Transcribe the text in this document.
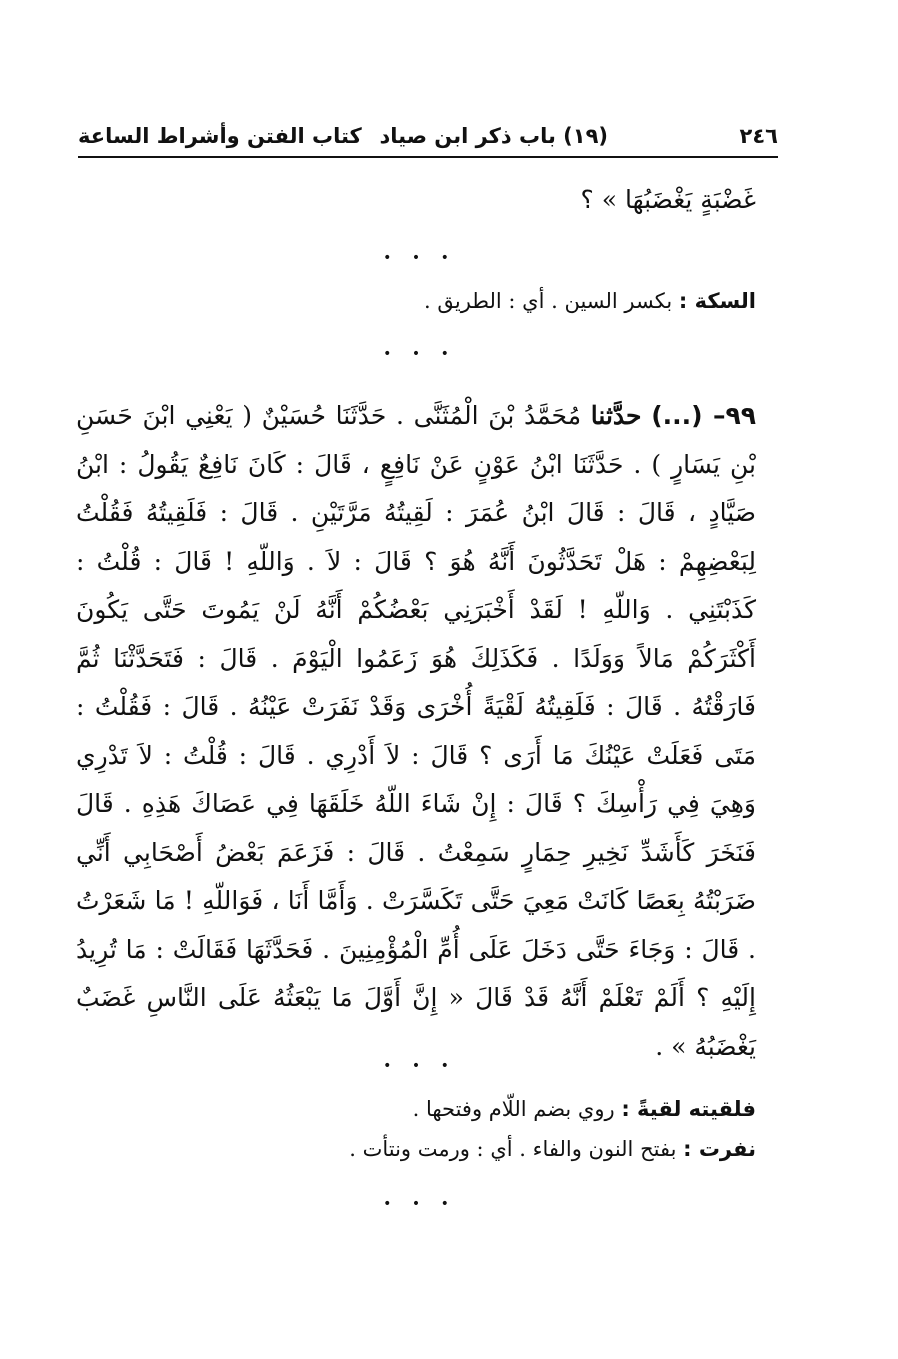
٢٤٦
(١٩) باب ذكر ابن صياد
كتاب الفتن وأشراط الساعة
غَضْبَةٍ يَغْضَبُهَا » ؟
• • •
السكة : بكسر السين . أي : الطريق .
• • •
٩٩– (...) حدَّثنا مُحَمَّدُ بْنَ الْمُثَنَّى . حَدَّثَنَا حُسَيْنٌ ( يَعْنِي ابْنَ حَسَنِ بْنِ يَسَارٍ ) . حَدَّثَنَا ابْنُ عَوْنٍ عَنْ نَافِعٍ ، قَالَ : كَانَ نَافِعٌ يَقُولُ : ابْنُ صَيَّادٍ ، قَالَ : قَالَ ابْنُ عُمَرَ : لَقِيتُهُ مَرَّتَيْنِ . قَالَ : فَلَقِيتُهُ فَقُلْتُ لِبَعْضِهِمْ : هَلْ تَحَدَّثُونَ أَنَّهُ هُوَ ؟ قَالَ : لاَ . وَاللّهِ ! قَالَ : قُلْتُ : كَذَبْتَنِي . وَاللّهِ ! لَقَدْ أَخْبَرَنِي بَعْضُكُمْ أَنَّهُ لَنْ يَمُوتَ حَتَّى يَكُونَ أَكْثَرَكُمْ مَالاً وَوَلَدًا . فَكَذَلِكَ هُوَ زَعَمُوا الْيَوْمَ . قَالَ : فَتَحَدَّثْنَا ثُمَّ فَارَقْتُهُ . قَالَ : فَلَقِيتُهُ لَقْيَةً أُخْرَى وَقَدْ نَفَرَتْ عَيْنُهُ . قَالَ : فَقُلْتُ : مَتَى فَعَلَتْ عَيْنُكَ مَا أَرَى ؟ قَالَ : لاَ أَدْرِي . قَالَ : قُلْتُ : لاَ تَدْرِي وَهِيَ فِي رَأْسِكَ ؟ قَالَ : إِنْ شَاءَ اللّهُ خَلَقَهَا فِي عَصَاكَ هَذِهِ . قَالَ فَنَخَرَ كَأَشَدِّ نَخِيرِ حِمَارٍ سَمِعْتُ . قَالَ : فَزَعَمَ بَعْضُ أَصْحَابِي أَنِّي ضَرَبْتُهُ بِعَصًا كَانَتْ مَعِيَ حَتَّى تَكَسَّرَتْ . وَأَمَّا أَنَا ، فَوَاللّهِ ! مَا شَعَرْتُ . قَالَ : وَجَاءَ حَتَّى دَخَلَ عَلَى أُمِّ الْمُؤْمِنِينَ . فَحَدَّثَهَا فَقَالَتْ : مَا تُرِيدُ إِلَيْهِ ؟ أَلَمْ تَعْلَمْ أَنَّهُ قَدْ قَالَ « إِنَّ أَوَّلَ مَا يَبْعَثُهُ عَلَى النَّاسِ غَضَبٌ يَغْضَبُهُ » .
• • •
فلقيته لقيةً : روي بضم اللّام وفتحها .
نفرت : بفتح النون والفاء . أي : ورمت ونتأت .
• • •
